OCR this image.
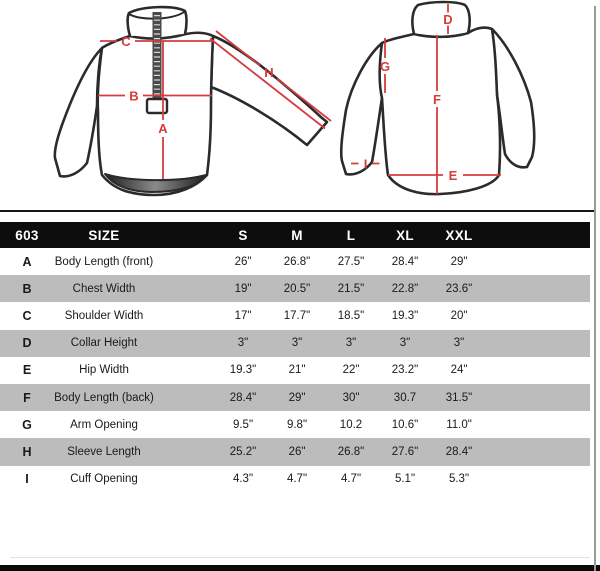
C
B
A
H
D
G
F
E
I
603	SIZE	S	M	L	XL	XXL
A	Body Length (front)	26"	26.8"	27.5"	28.4"	29"
B	Chest Width	19"	20.5"	21.5"	22.8"	23.6"
C	Shoulder Width	17"	17.7"	18.5"	19.3"	20"
D	Collar Height	3"	3"	3"	3"	3"
E	Hip Width	19.3"	21"	22"	23.2"	24"
F	Body Length (back)	28.4"	29"	30"	30.7	31.5"
G	Arm Opening	9.5"	9.8"	10.2	10.6"	11.0"
H	Sleeve Length	25.2"	26"	26.8"	27.6"	28.4"
I	Cuff Opening	4.3"	4.7"	4.7"	5.1"	5.3"
